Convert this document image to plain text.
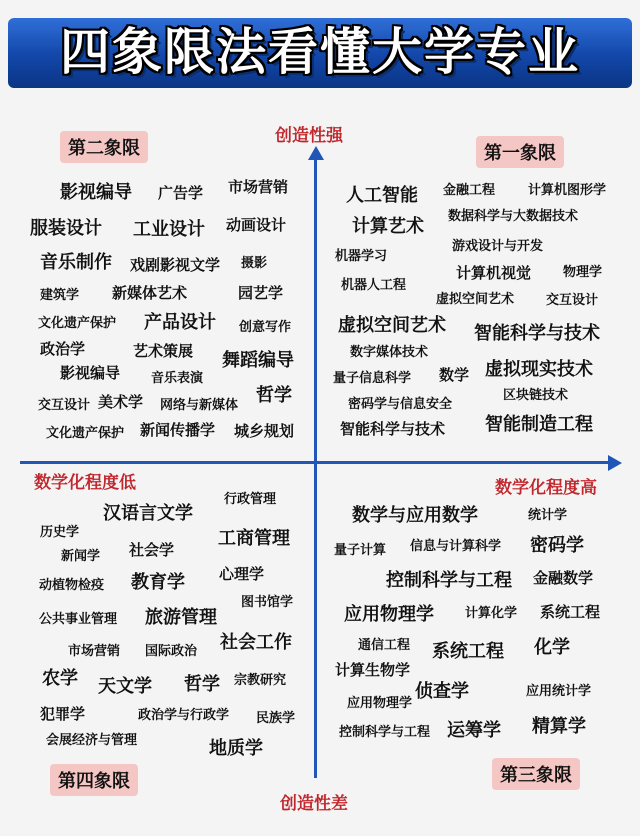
四象限法看懂大学专业
创造性强
创造性差
数学化程度低	数学化程度高
第二象限	第一象限
第四象限	第三象限
影视编导 广告学 市场营销
服装设计 工业设计 动画设计
音乐制作 戏剧影视文学 摄影
建筑学 新媒体艺术	园艺学
文化遗产保护 产品设计 创意写作
政治学	艺术策展 舞蹈编导
影视编导 音乐表演
交互设计 美术学 网络与新媒体 哲学
文化遗产保护 新闻传播学 城乡规划
人工智能 金融工程	计算机图形学
计算艺术 数据科学与大数据技术
机器学习
游戏设计与开发
计算机视觉 物理学
机器人工程
虚拟空间艺术 交互设计
虚拟空间艺术 智能科学与技术
数字媒体技术
量子信息科学 数学 虚拟现实技术
区块链技术
密码学与信息安全
智能科学与技术 智能制造工程
行政管理
汉语言文学
历史学	工商管理
新闻学 社会学
动植物检疫 教育学 心理学
图书馆学
公共事业管理 旅游管理
社会工作
市场营销 国际政治
农学 天文学 哲学 宗教研究
犯罪学	政治学与行政学 民族学
会展经济与管理	地质学
数学与应用数学	统计学
量子计算 信息与计算科学 密码学
控制科学与工程 金融数学
应用物理学 计算化学 系统工程
通信工程 系统工程 化学
计算生物学
侦查学
应用物理学
应用统计学
控制科学与工程 运筹学 精算学
